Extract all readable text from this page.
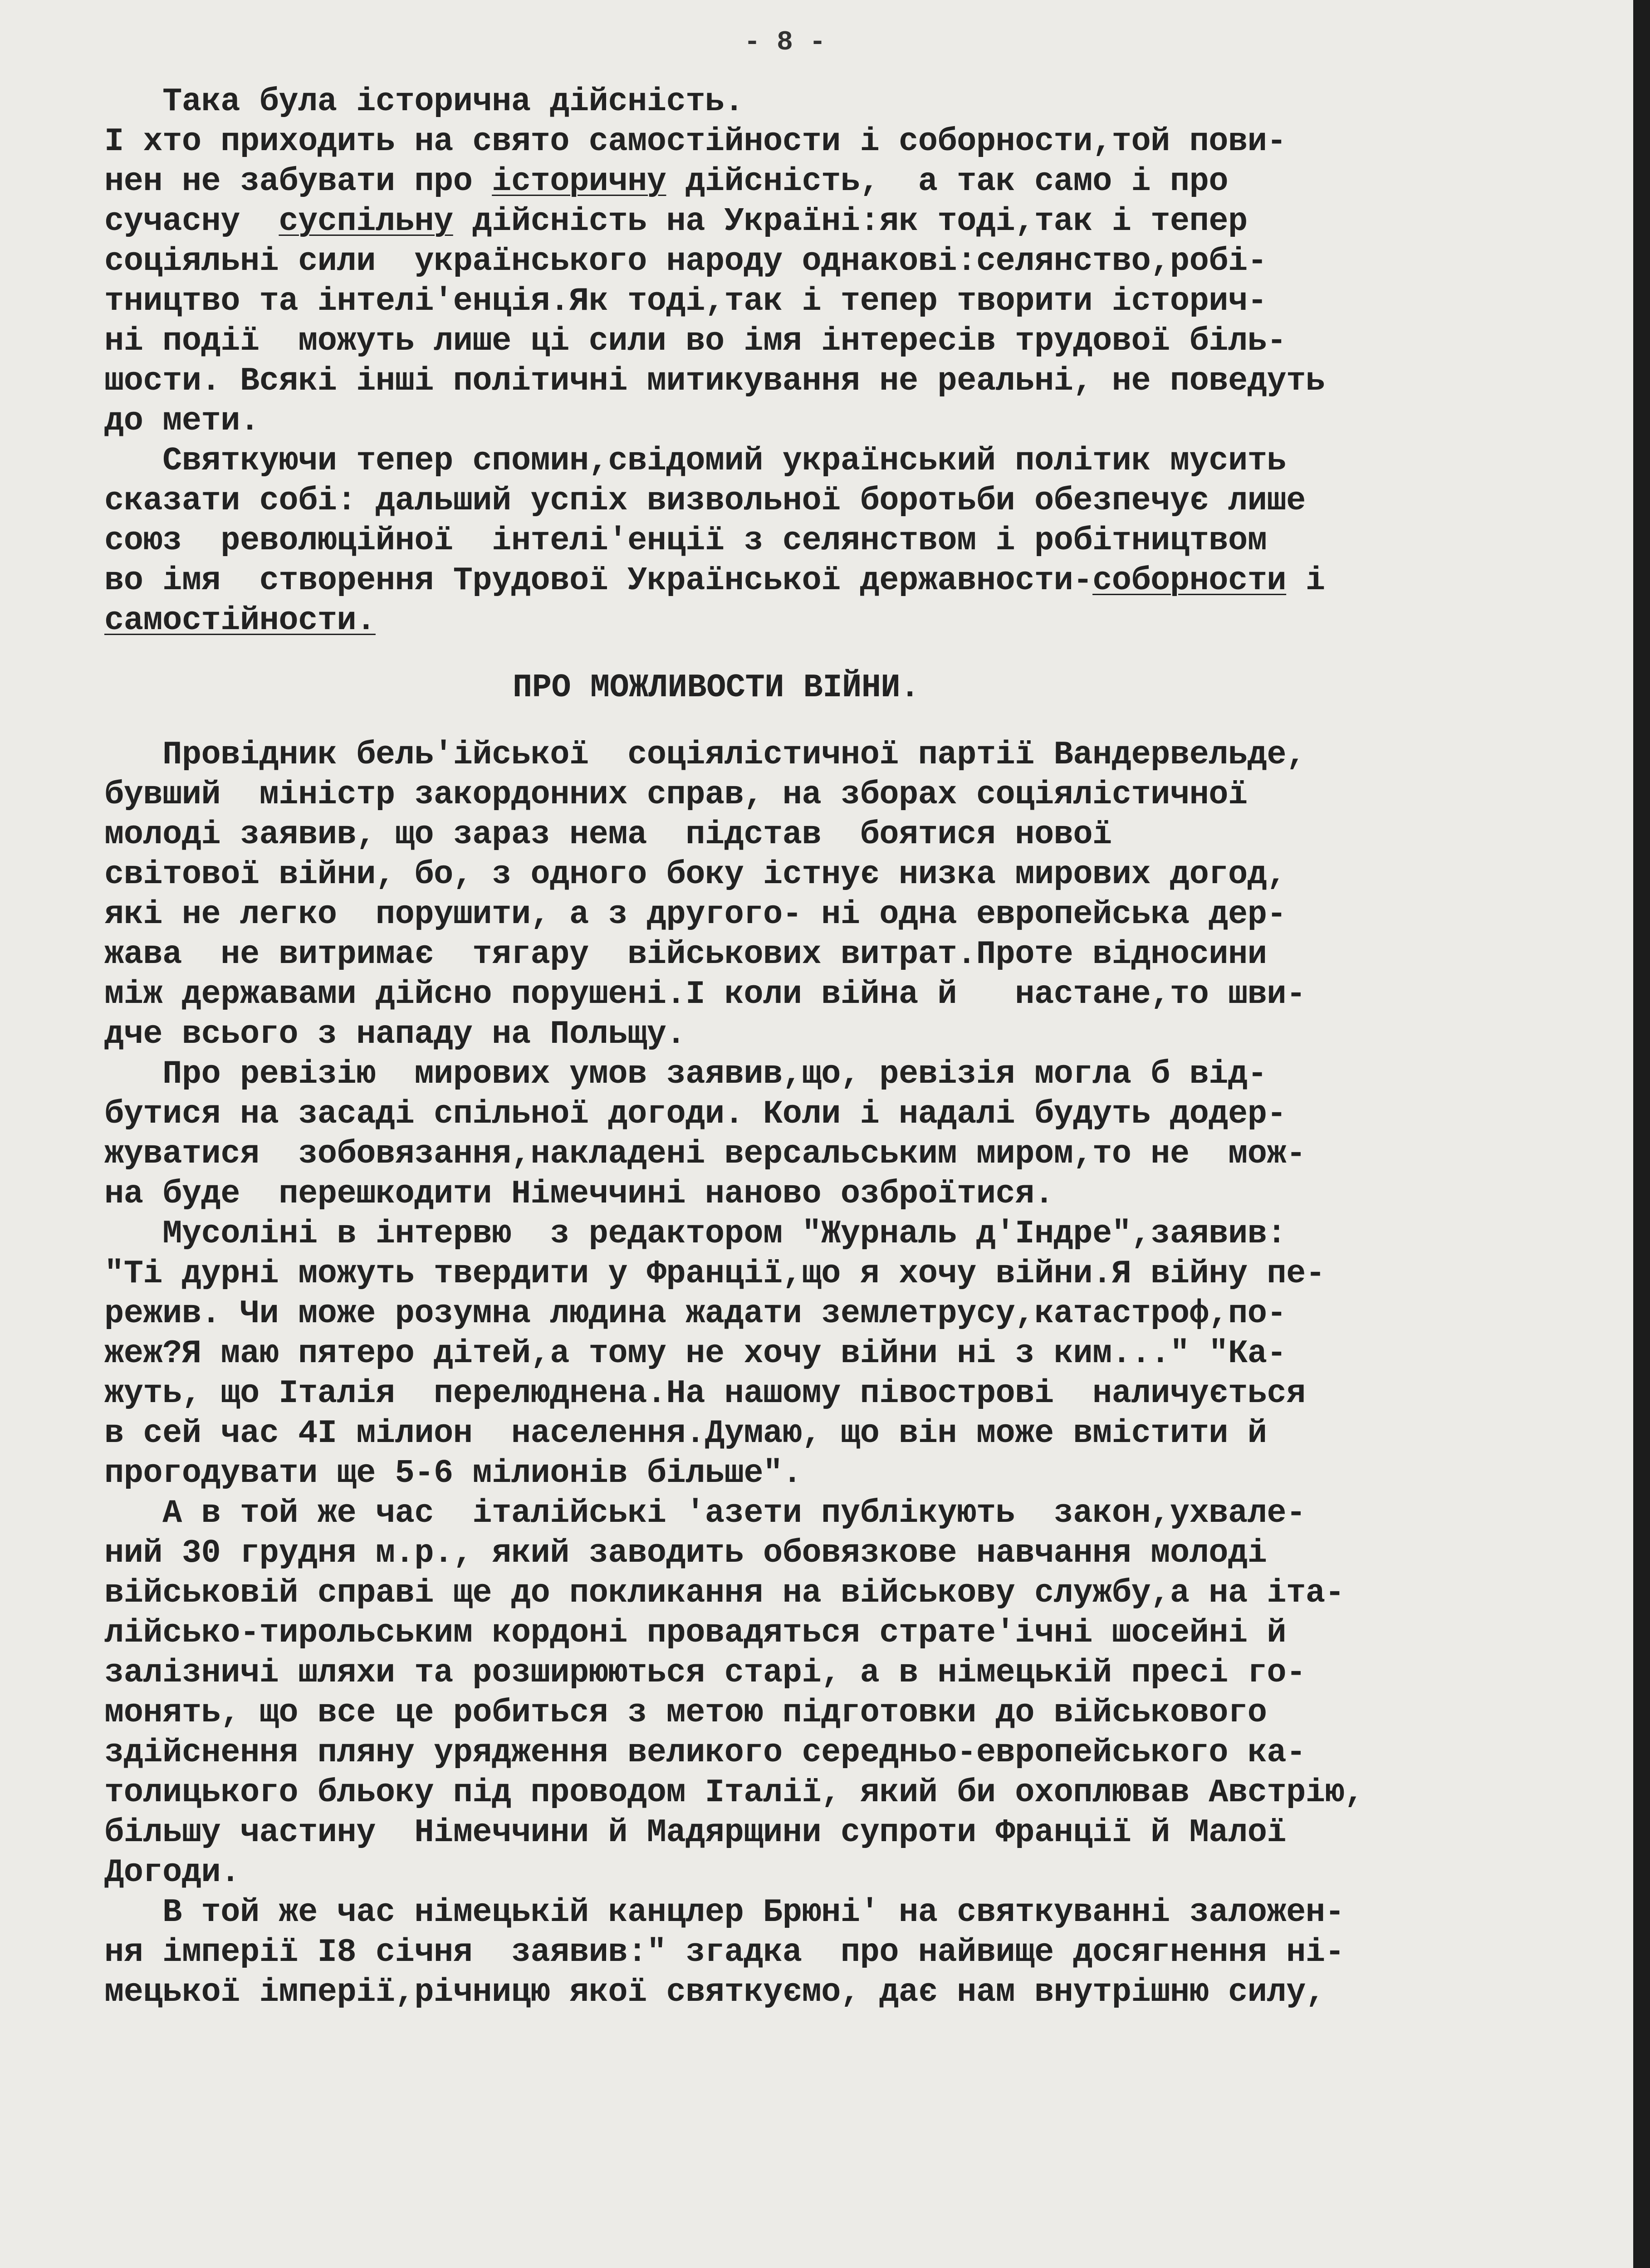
- 8 -
Така була історична дійсність.
І хто приходить на свято самостійности і соборности,той пови-
нен не забувати про історичну дійсність,  а так само і про
сучасну  суспільну дійсність на Україні:як тоді,так і тепер
соціяльні сили  українського народу однакові:селянство,робі-
тництво та інтелі'енція.Як тоді,так і тепер творити історич-
ні події  можуть лише ці сили во імя інтересів трудової біль-
шости. Всякі інші політичні митикування не реальні, не поведуть
до мети.
Святкуючи тепер спомин,свідомий український політик мусить
сказати собі: дальший успіх визвольної боротьби обезпечує лише
союз  революційної  інтелі'енції з селянством і робітництвом
во імя  створення Трудової Української державности-соборности і
самостійности.
ПРО МОЖЛИВОСТИ ВІЙНИ.
Провідник бель'ійської  соціялістичної партії Вандервельде,
бувший  міністр закордонних справ, на зборах соціялістичної
молоді заявив, що зараз нема  підстав  боятися нової
світової війни, бо, з одного боку істнує низка мирових догод,
які не легко  порушити, а з другого- ні одна европейська дер-
жава  не витримає  тягару  військових витрат.Проте відносини
між державами дійсно порушені.І коли війна й   настане,то шви-
дче всього з нападу на Польщу.
Про ревізію  мирових умов заявив,що, ревізія могла б від-
бутися на засаді спільної догоди. Коли і надалі будуть додер-
жуватися  зобовязання,накладені версальським миром,то не  мож-
на буде  перешкодити Німеччині наново озброїтися.
Мусоліні в інтервю  з редактором "Журналь д'Індре",заявив:
"Ті дурні можуть твердити у Франції,що я хочу війни.Я війну пе-
режив. Чи може розумна людина жадати землетрусу,катастроф,по-
жеж?Я маю пятеро дітей,а тому не хочу війни ні з ким..." "Ка-
жуть, що Італія  перелюднена.На нашому півострові  наличується
в сей час 4І мілион  населення.Думаю, що він може вмістити й
прогодувати ще 5-6 мілионів більше".
А в той же час  італійські 'азети публікують  закон,ухвале-
ний 30 грудня м.р., який заводить обовязкове навчання молоді
військовій справі ще до покликання на військову службу,а на іта-
лійсько-тирольським кордоні провадяться страте'ічні шосейні й
залізничі шляхи та розширюються старі, а в німецькій пресі го-
монять, що все це робиться з метою підготовки до військового
здійснення пляну урядження великого середньо-европейського ка-
толицького бльоку під проводом Італії, який би охоплював Австрію,
більшу частину  Німеччини й Мадярщини супроти Франції й Малої
Догоди.
В той же час німецькій канцлер Брюні' на святкуванні заложен-
ня імперії І8 січня  заявив:" згадка  про найвище досягнення ні-
мецької імперії,річницю якої святкуємо, дає нам внутрішню силу,
